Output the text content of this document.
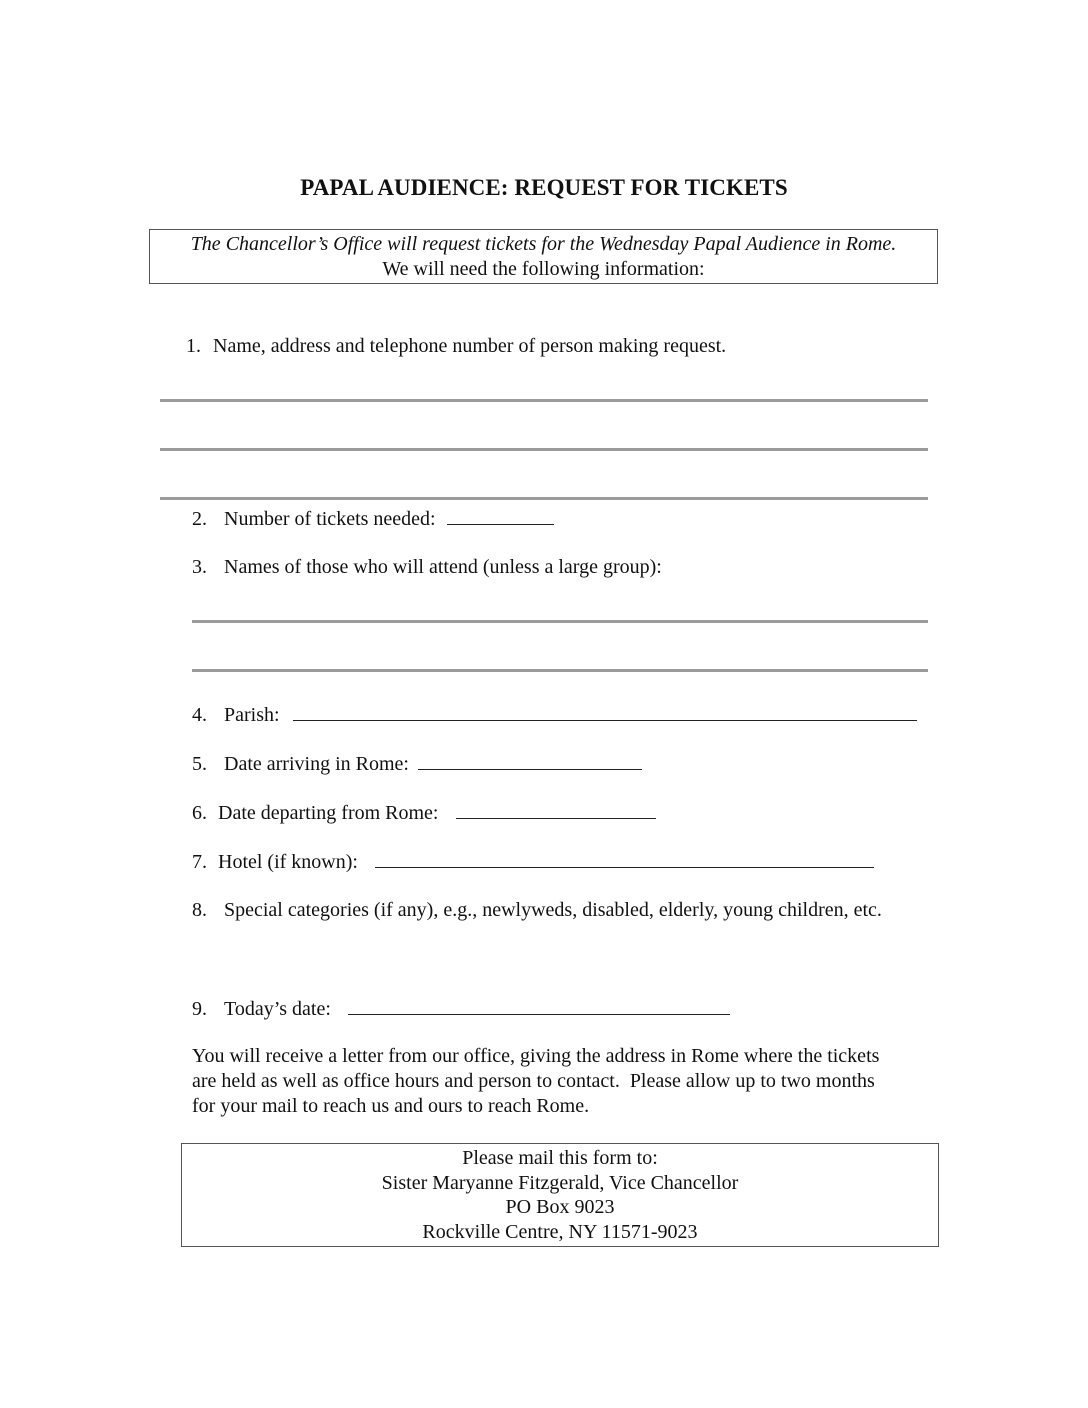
PAPAL AUDIENCE: REQUEST FOR TICKETS
The Chancellor’s Office will request tickets for the Wednesday Papal Audience in Rome.
We will need the following information:
1. Name, address and telephone number of person making request.
2. Number of tickets needed:
3. Names of those who will attend (unless a large group):
4. Parish:
5. Date arriving in Rome:
6. Date departing from Rome:
7. Hotel (if known):
8. Special categories (if any), e.g., newlyweds, disabled, elderly, young children, etc.
9. Today’s date:
You will receive a letter from our office, giving the address in Rome where the tickets
are held as well as office hours and person to contact.  Please allow up to two months
for your mail to reach us and ours to reach Rome.
Please mail this form to:
Sister Maryanne Fitzgerald, Vice Chancellor
PO Box 9023
Rockville Centre, NY 11571-9023
